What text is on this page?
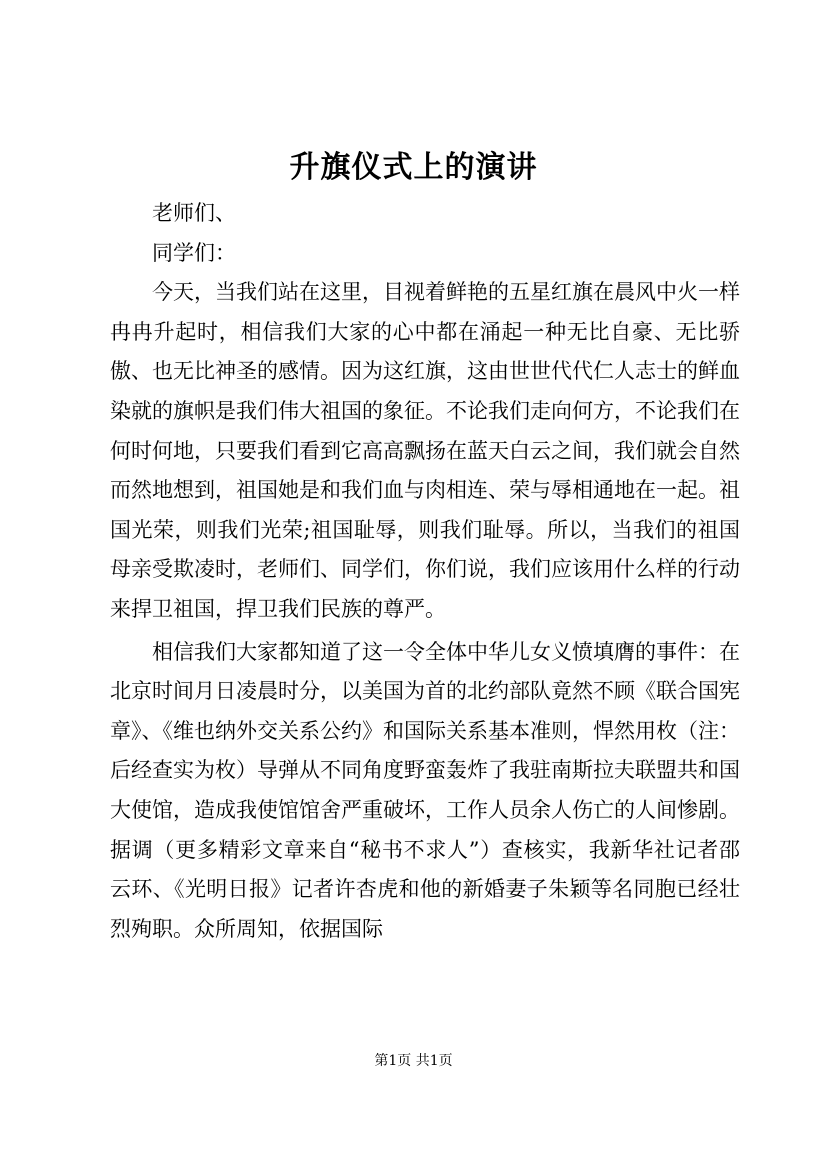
升旗仪式上的演讲

老师们、

同学们：

今天，当我们站在这里，目视着鲜艳的五星红旗在晨风中火一样冉冉升起时，相信我们大家的心中都在涌起一种无比自豪、无比骄傲、也无比神圣的感情。因为这红旗，这由世世代代仁人志士的鲜血染就的旗帜是我们伟大祖国的象征。不论我们走向何方，不论我们在何时何地，只要我们看到它高高飘扬在蓝天白云之间，我们就会自然而然地想到，祖国她是和我们血与肉相连、荣与辱相通地在一起。祖国光荣，则我们光荣;祖国耻辱，则我们耻辱。所以，当我们的祖国母亲受欺凌时，老师们、同学们，你们说，我们应该用什么样的行动来捍卫祖国，捍卫我们民族的尊严。

相信我们大家都知道了这一令全体中华儿女义愤填膺的事件：在北京时间月日凌晨时分，以美国为首的北约部队竟然不顾《联合国宪章》、《维也纳外交关系公约》和国际关系基本准则，悍然用枚（注：后经查实为枚）导弹从不同角度野蛮轰炸了我驻南斯拉夫联盟共和国大使馆，造成我使馆馆舍严重破坏，工作人员余人伤亡的人间惨剧。据调（更多精彩文章来自“秘书不求人”）查核实，我新华社记者邵云环、《光明日报》记者许杏虎和他的新婚妻子朱颖等名同胞已经壮烈殉职。众所周知，依据国际

第1页 共1页
